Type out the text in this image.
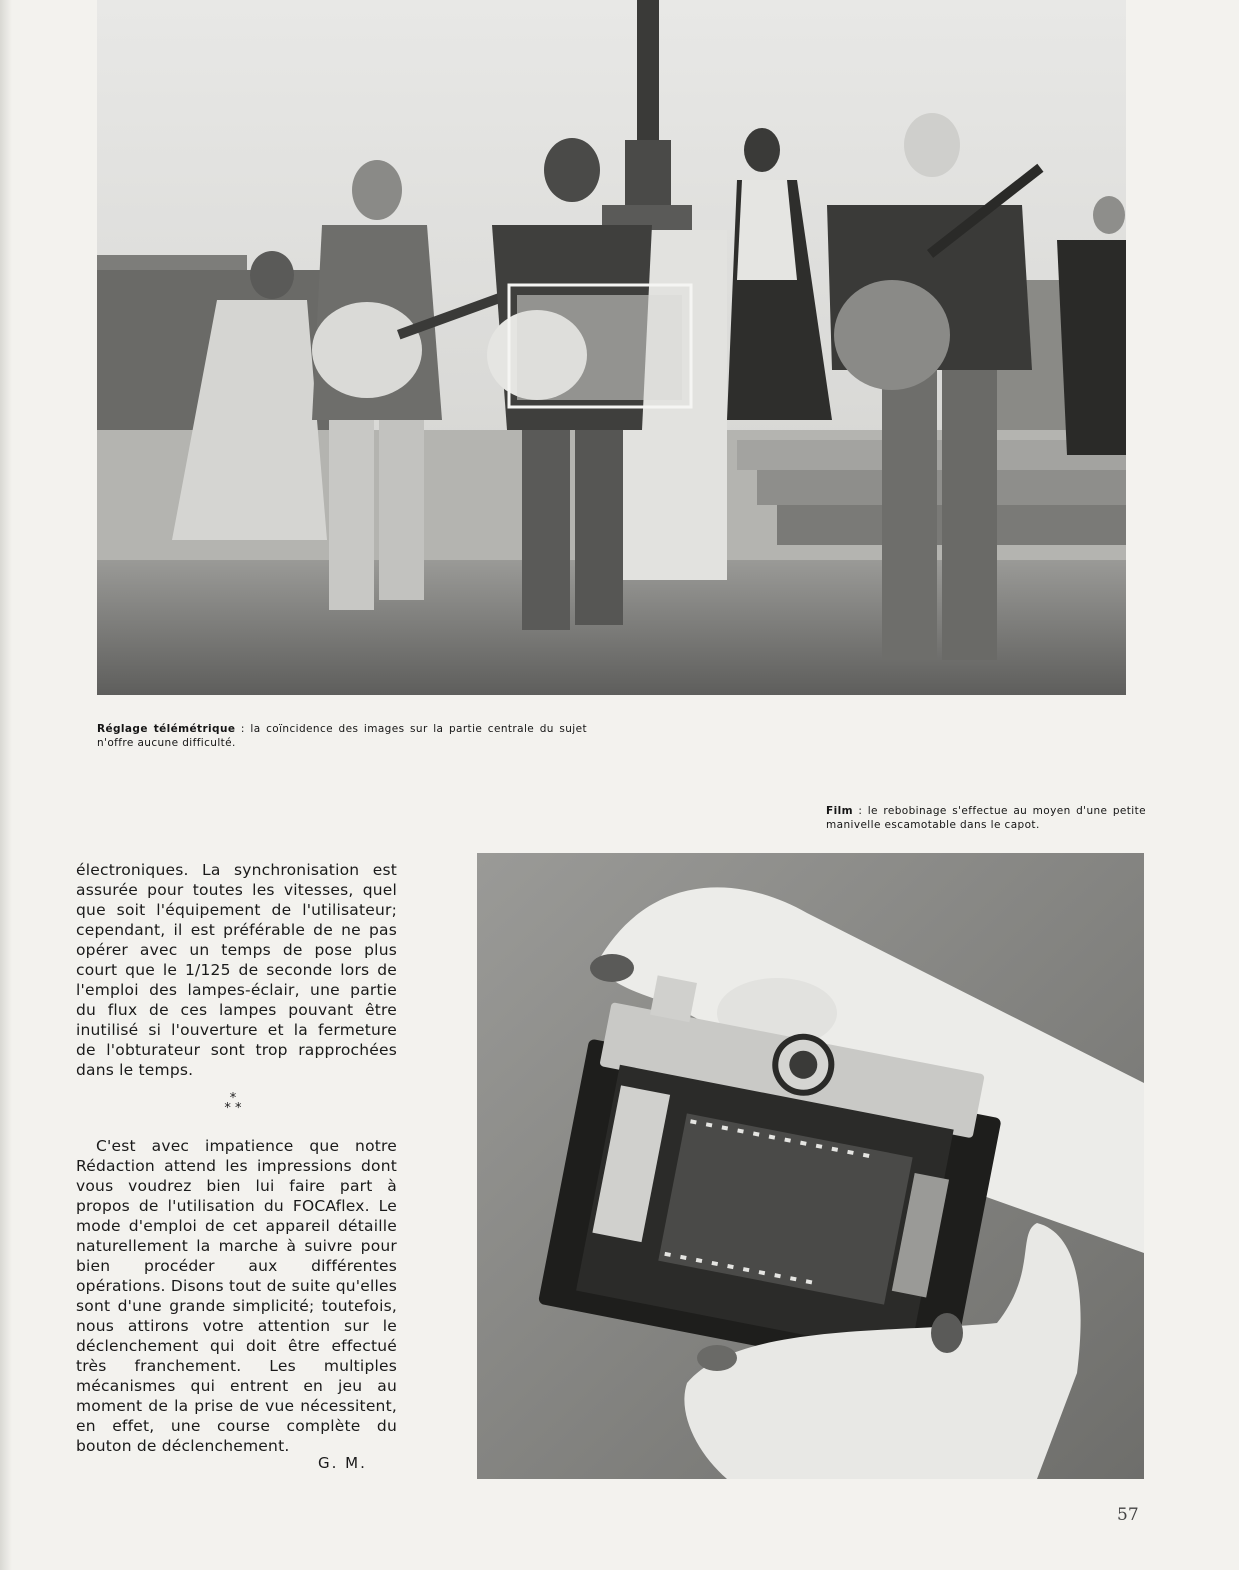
Réglage télémétrique : la coïncidence des images sur la partie centrale du sujet n'offre aucune difficulté.
Film : le rebobinage s'effectue au moyen d'une petite manivelle escamotable dans le capot.

électroniques. La synchronisation est assurée pour toutes les vitesses, quel que soit l'équipement de l'utilisateur; cependant, il est préférable de ne pas opérer avec un temps de pose plus court que le 1/125 de seconde lors de l'emploi des lampes-éclair, une partie du flux de ces lampes pouvant être inutilisé si l'ouverture et la fermeture de l'obturateur sont trop rapprochées dans le temps.

*
* *

C'est avec impatience que notre Rédaction attend les impressions dont vous voudrez bien lui faire part à propos de l'utilisation du FOCAflex. Le mode d'emploi de cet appareil détaille naturellement la marche à suivre pour bien procéder aux différentes opérations. Disons tout de suite qu'elles sont d'une grande simplicité; toutefois, nous attirons votre attention sur le déclenchement qui doit être effectué très franchement. Les multiples mécanismes qui entrent en jeu au moment de la prise de vue nécessitent, en effet, une course complète du bouton de déclenchement.

G. M.
57
